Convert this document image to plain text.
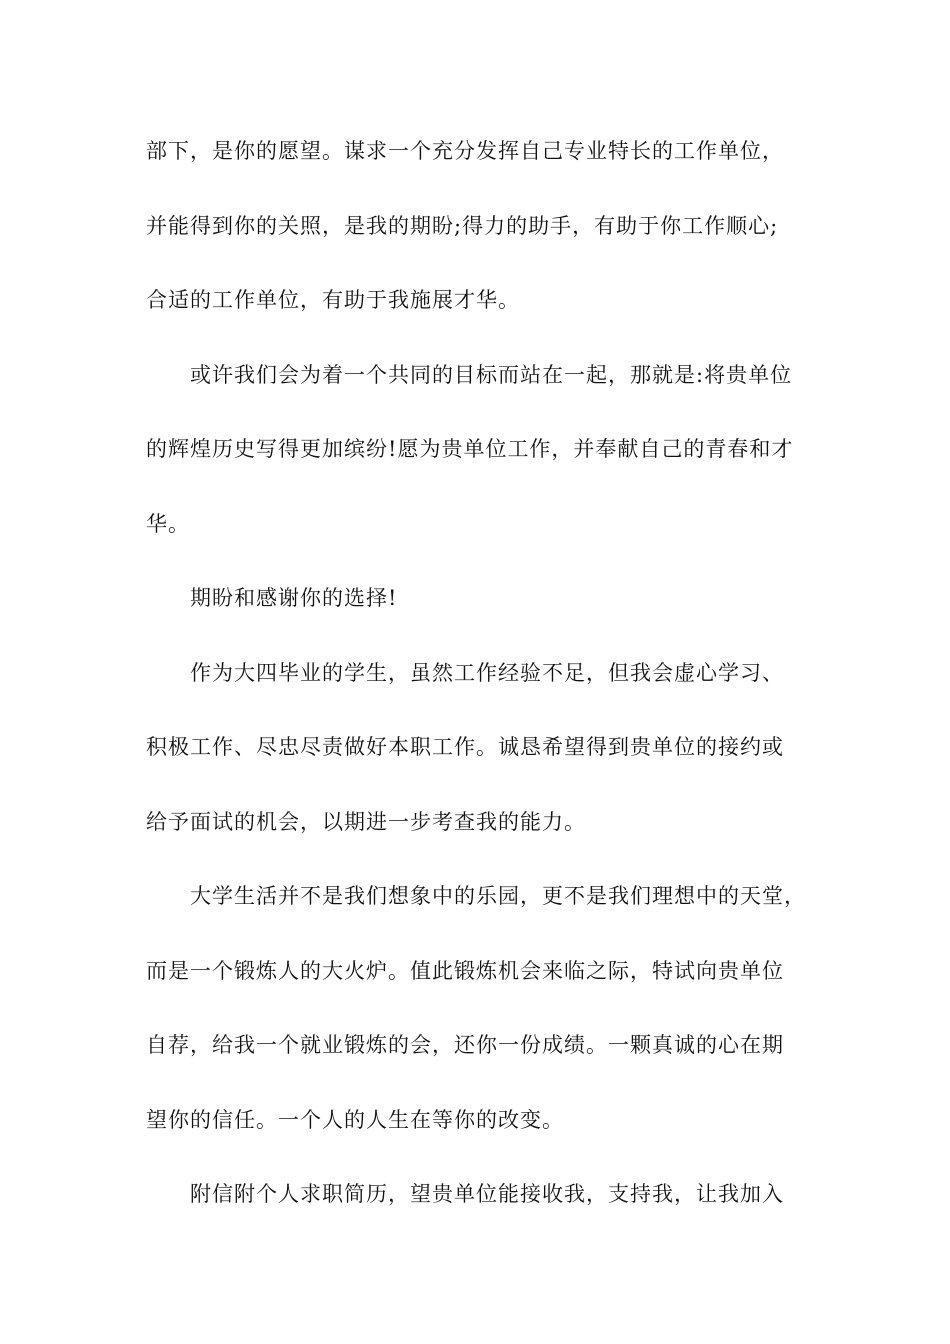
部下，是你的愿望。谋求一个充分发挥自己专业特长的工作单位，
并能得到你的关照，是我的期盼;得力的助手，有助于你工作顺心;
合适的工作单位，有助于我施展才华。
或许我们会为着一个共同的目标而站在一起，那就是:将贵单位
的辉煌历史写得更加缤纷!愿为贵单位工作，并奉献自己的青春和才
华。
期盼和感谢你的选择!
作为大四毕业的学生，虽然工作经验不足，但我会虚心学习、
积极工作、尽忠尽责做好本职工作。诚恳希望得到贵单位的接约或
给予面试的机会，以期进一步考查我的能力。
大学生活并不是我们想象中的乐园，更不是我们理想中的天堂，
而是一个锻炼人的大火炉。值此锻炼机会来临之际，特试向贵单位
自荐，给我一个就业锻炼的会，还你一份成绩。一颗真诚的心在期
望你的信任。一个人的人生在等你的改变。
附信附个人求职简历，望贵单位能接收我，支持我，让我加入
